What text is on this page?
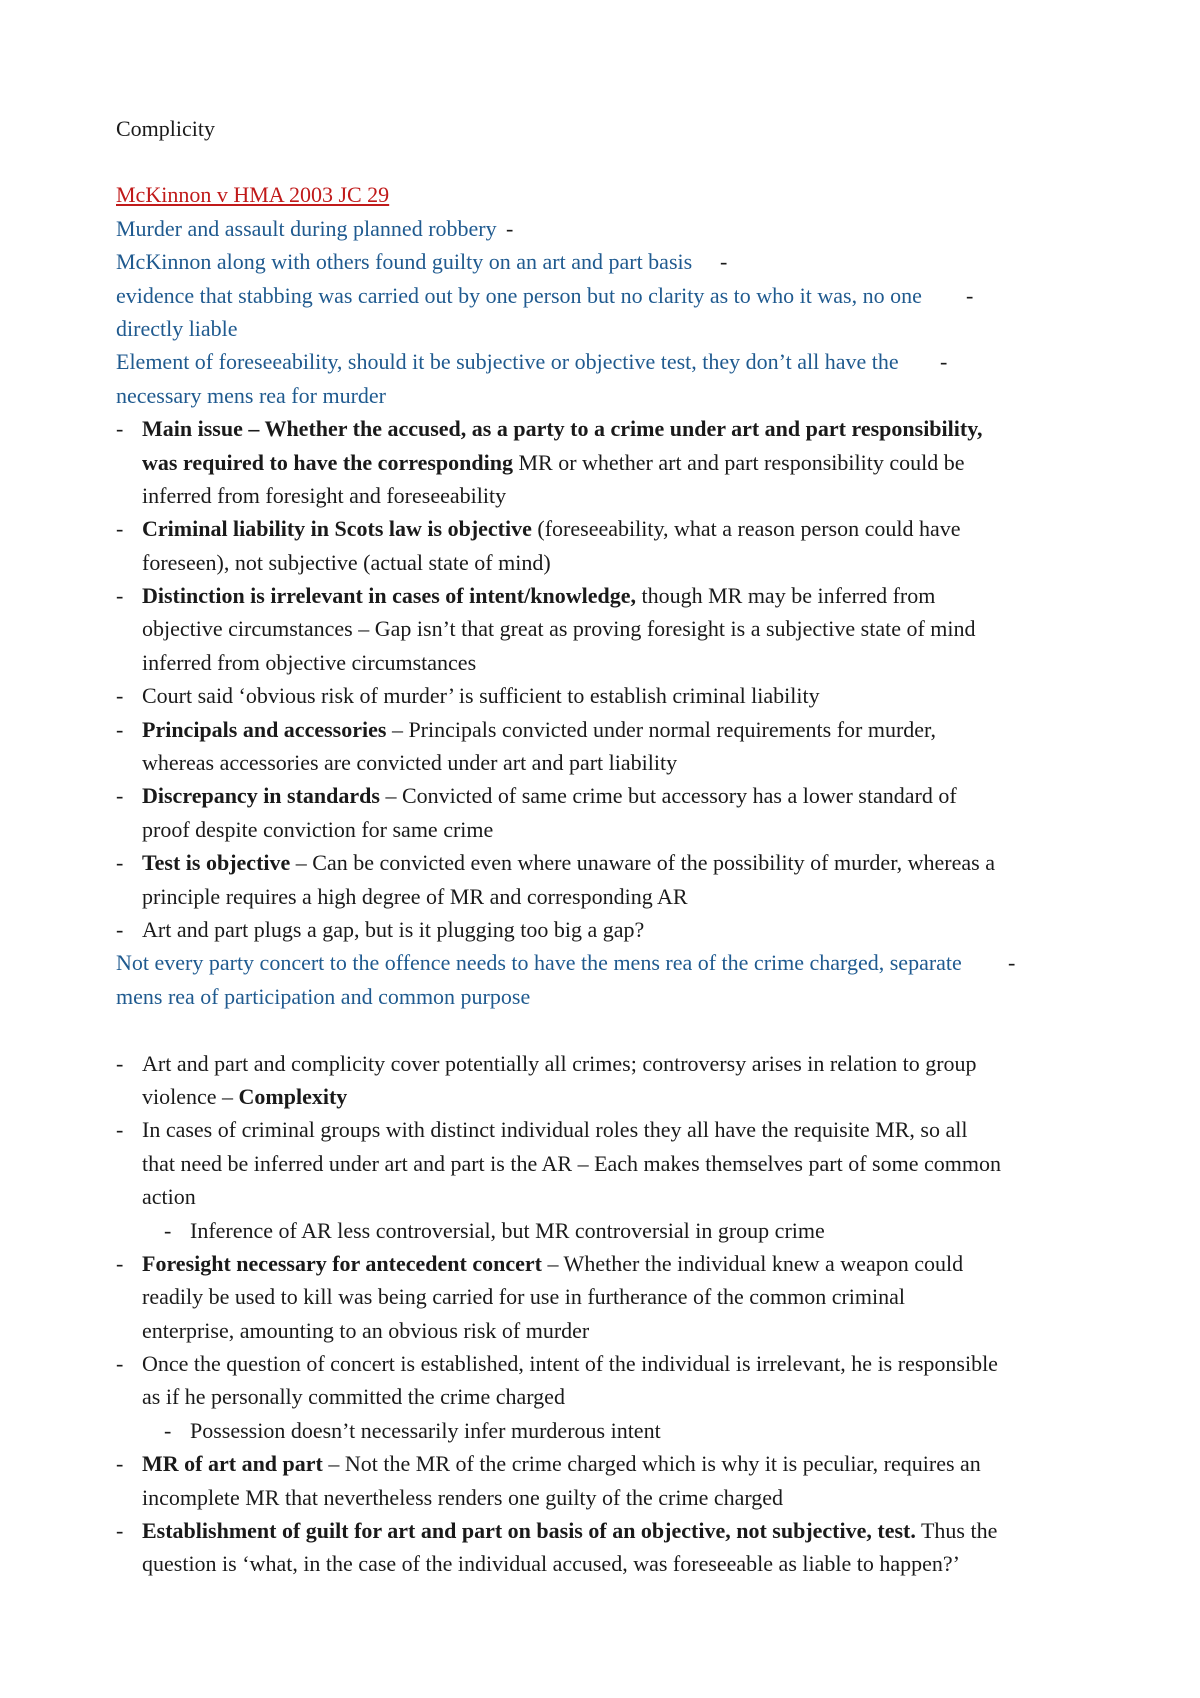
Complicity
McKinnon v HMA 2003 JC 29
Murder and assault during planned robbery -
McKinnon along with others found guilty on an art and part basis -
evidence that stabbing was carried out by one person but no clarity as to who it was, no one -
directly liable
Element of foreseeability, should it be subjective or objective test, they don’t all have the -
necessary mens rea for murder
- Main issue – Whether the accused, as a party to a crime under art and part responsibility,
was required to have the corresponding MR or whether art and part responsibility could be
inferred from foresight and foreseeability
- Criminal liability in Scots law is objective (foreseeability, what a reason person could have
foreseen), not subjective (actual state of mind)
- Distinction is irrelevant in cases of intent/knowledge, though MR may be inferred from
objective circumstances – Gap isn’t that great as proving foresight is a subjective state of mind
inferred from objective circumstances
- Court said ‘obvious risk of murder’ is sufficient to establish criminal liability
- Principals and accessories – Principals convicted under normal requirements for murder,
whereas accessories are convicted under art and part liability
- Discrepancy in standards – Convicted of same crime but accessory has a lower standard of
proof despite conviction for same crime
- Test is objective – Can be convicted even where unaware of the possibility of murder, whereas a
principle requires a high degree of MR and corresponding AR
- Art and part plugs a gap, but is it plugging too big a gap?
Not every party concert to the offence needs to have the mens rea of the crime charged, separate -
mens rea of participation and common purpose
- Art and part and complicity cover potentially all crimes; controversy arises in relation to group
violence – Complexity
- In cases of criminal groups with distinct individual roles they all have the requisite MR, so all
that need be inferred under art and part is the AR – Each makes themselves part of some common
action
- Inference of AR less controversial, but MR controversial in group crime
- Foresight necessary for antecedent concert – Whether the individual knew a weapon could
readily be used to kill was being carried for use in furtherance of the common criminal
enterprise, amounting to an obvious risk of murder
- Once the question of concert is established, intent of the individual is irrelevant, he is responsible
as if he personally committed the crime charged
- Possession doesn’t necessarily infer murderous intent
- MR of art and part – Not the MR of the crime charged which is why it is peculiar, requires an
incomplete MR that nevertheless renders one guilty of the crime charged
- Establishment of guilt for art and part on basis of an objective, not subjective, test. Thus the
question is ‘what, in the case of the individual accused, was foreseeable as liable to happen?’
